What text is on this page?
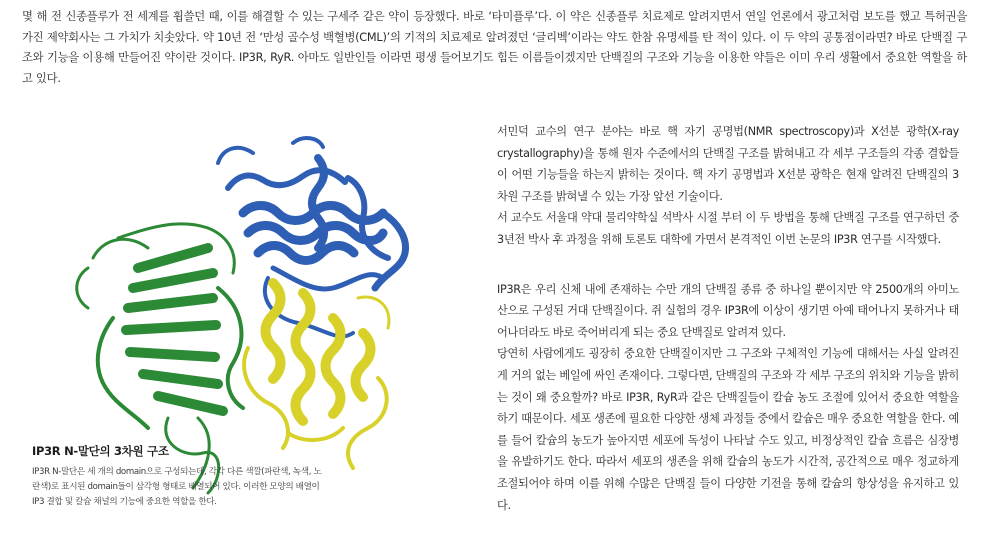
몇 해 전 신종플루가 전 세계를 휩쓸던 때, 이를 해결할 수 있는 구세주 같은 약이 등장했다. 바로 ‘타미플루’다. 이 약은 신종플루 치료제로 알려지면서 연일 언론에서 광고처럼 보도를 했고 특허권을 가진 제약회사는 그 가치가 치솟았다. 약 10년 전 ‘만성 골수성 백혈병(CML)’의 기적의 치료제로 알려졌던 ‘글리벡’이라는 약도 한참 유명세를 탄 적이 있다. 이 두 약의 공통점이라면? 바로 단백질 구조와 기능을 이용해 만들어진 약이란 것이다. IP3R, RyR. 아마도 일반인들 이라면 평생 들어보기도 힘든 이름들이겠지만 단백질의 구조와 기능을 이용한 약들은 이미 우리 생활에서 중요한 역할을 하고 있다.

IP3R N-말단의 3차원 구조

IP3R N-말단은 세 개의 domain으로 구성되는데, 각각 다른 색깔(파란색, 녹색, 노란색)로 표시된 domain들이 삼각형 형태로 배열되어 있다. 이러한 모양의 배열이 IP3 결합 및 칼슘 채널의 기능에 중요한 역할을 한다.

서민덕 교수의 연구 분야는 바로 핵 자기 공명법(NMR spectroscopy)과 X선분 광학(X-ray crystallography)을 통해 원자 수준에서의 단백질 구조를 밝혀내고 각 세부 구조들의 각종 결합들이 어떤 기능들을 하는지 밝히는 것이다. 핵 자기 공명법과 X선분 광학은 현재 알려진 단백질의 3차원 구조를 밝혀낼 수 있는 가장 앞선 기술이다.

서 교수도 서울대 약대 물리약학실 석박사 시절 부터 이 두 방법을 통해 단백질 구조를 연구하던 중 3년전 박사 후 과정을 위해 토론토 대학에 가면서 본격적인 이번 논문의 IP3R 연구를 시작했다.

IP3R은 우리 신체 내에 존재하는 수만 개의 단백질 종류 중 하나일 뿐이지만 약 2500개의 아미노산으로 구성된 거대 단백질이다. 쥐 실험의 경우 IP3R에 이상이 생기면 아예 태어나지 못하거나 태어나더라도 바로 죽어버리게 되는 중요 단백질로 알려져 있다.

당연히 사람에게도 굉장히 중요한 단백질이지만 그 구조와 구체적인 기능에 대해서는 사실 알려진 게 거의 없는 베일에 싸인 존재이다. 그렇다면, 단백질의 구조와 각 세부 구조의 위치와 기능을 밝히는 것이 왜 중요할까? 바로 IP3R, RyR과 같은 단백질들이 칼슘 농도 조절에 있어서 중요한 역할을 하기 때문이다. 세포 생존에 필요한 다양한 생체 과정들 중에서 칼슘은 매우 중요한 역할을 한다. 예를 들어 칼슘의 농도가 높아지면 세포에 독성이 나타날 수도 있고, 비정상적인 칼슘 흐름은 심장병을 유발하기도 한다. 따라서 세포의 생존을 위해 칼슘의 농도가 시간적, 공간적으로 매우 정교하게 조절되어야 하며 이를 위해 수많은 단백질 들이 다양한 기전을 통해 칼슘의 항상성을 유지하고 있다.
